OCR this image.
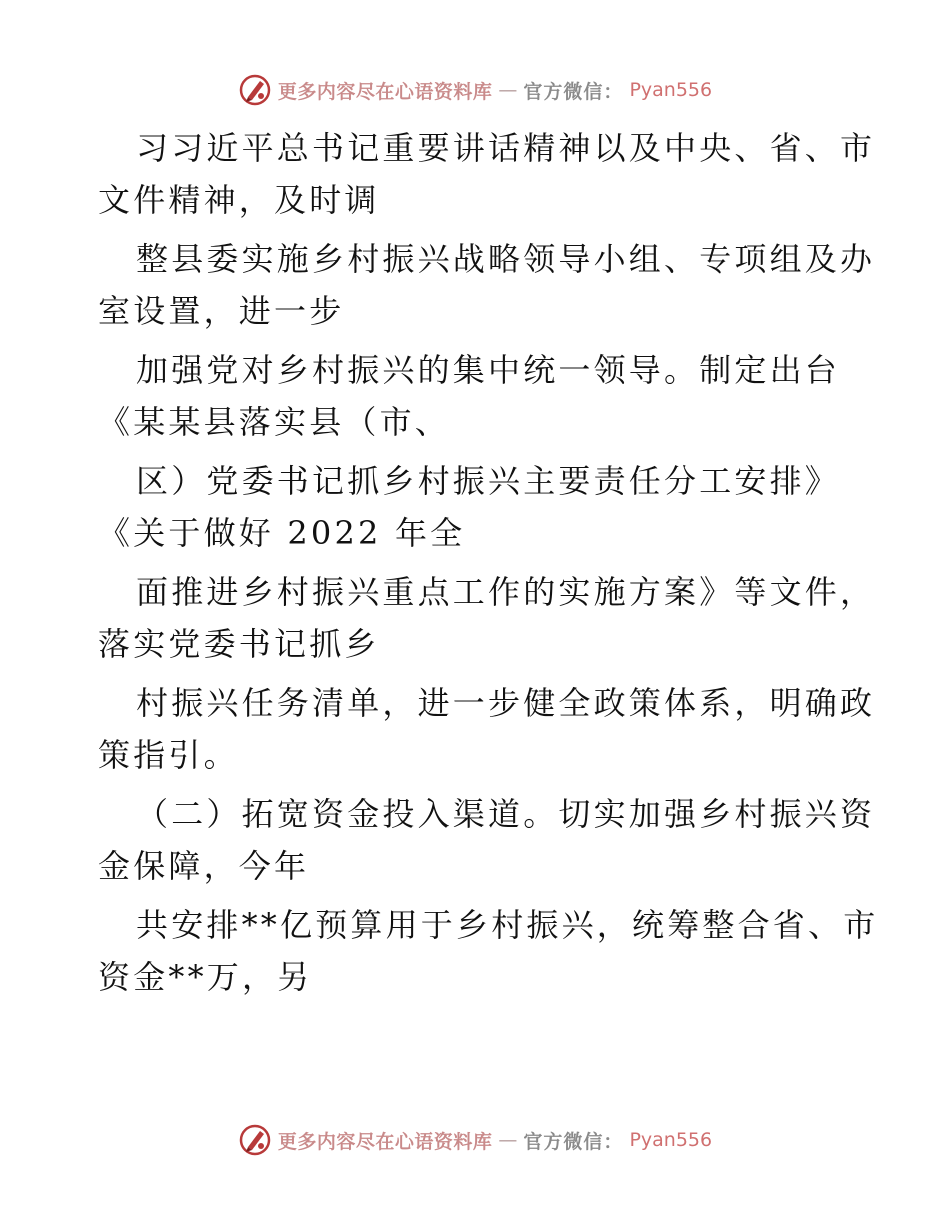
更多内容尽在心语资料库 — 官方微信： Pyan556

习习近平总书记重要讲话精神以及中央、省、市

文件精神，及时调

整县委实施乡村振兴战略领导小组、专项组及办

室设置，进一步

加强党对乡村振兴的集中统一领导。制定出台

《某某县落实县（市、

区）党委书记抓乡村振兴主要责任分工安排》

《关于做好 2022 年全

面推进乡村振兴重点工作的实施方案》等文件，

落实党委书记抓乡

村振兴任务清单，进一步健全政策体系，明确政

策指引。

（二）拓宽资金投入渠道。切实加强乡村振兴资

金保障，今年

共安排**亿预算用于乡村振兴，统筹整合省、市

资金**万，另

更多内容尽在心语资料库 — 官方微信： Pyan556
